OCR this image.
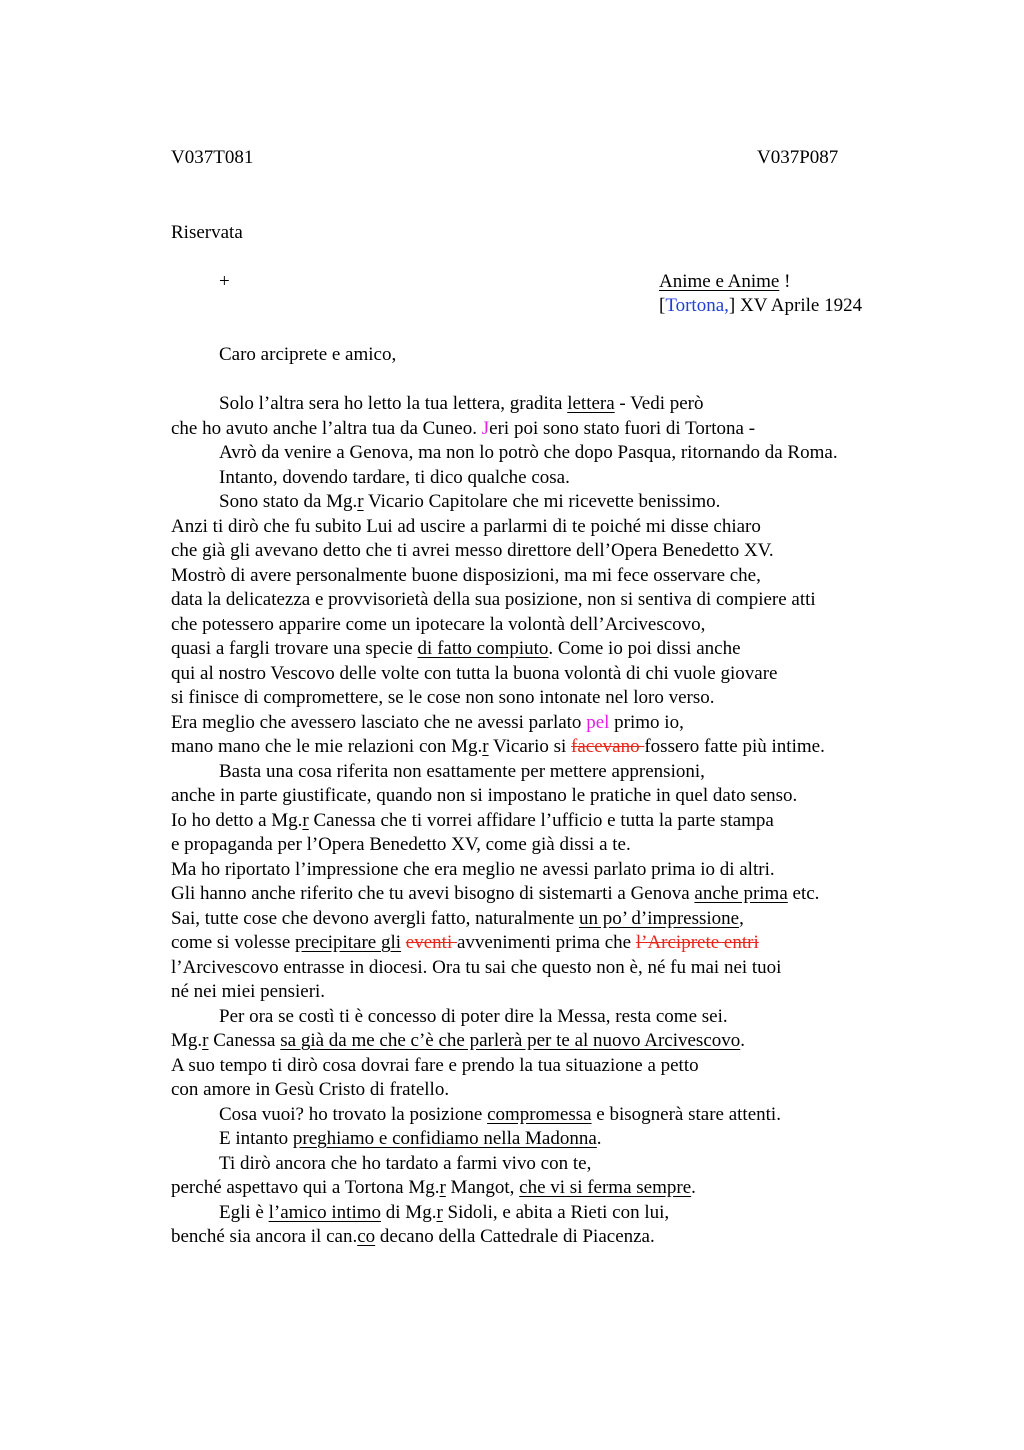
V037T081	V037P087
Riservata
+	Anime e Anime !
[Tortona,] XV Aprile 1924
Caro arciprete e amico,
Solo l’altra sera ho letto la tua lettera, gradita lettera - Vedi però
che ho avuto anche l’altra tua da Cuneo. Jeri poi sono stato fuori di Tortona -
Avrò da venire a Genova, ma non lo potrò che dopo Pasqua, ritornando da Roma.
Intanto, dovendo tardare, ti dico qualche cosa.
Sono stato da Mg.r Vicario Capitolare che mi ricevette benissimo.
Anzi ti dirò che fu subito Lui ad uscire a parlarmi di te poiché mi disse chiaro
che già gli avevano detto che ti avrei messo direttore dell’Opera Benedetto XV.
Mostrò di avere personalmente buone disposizioni, ma mi fece osservare che,
data la delicatezza e provvisorietà della sua posizione, non si sentiva di compiere atti
che potessero apparire come un ipotecare la volontà dell’Arcivescovo,
quasi a fargli trovare una specie di fatto compiuto. Come io poi dissi anche
qui al nostro Vescovo delle volte con tutta la buona volontà di chi vuole giovare
si finisce di compromettere, se le cose non sono intonate nel loro verso.
Era meglio che avessero lasciato che ne avessi parlato pel primo io,
mano mano che le mie relazioni con Mg.r Vicario si facevano fossero fatte più intime.
Basta una cosa riferita non esattamente per mettere apprensioni,
anche in parte giustificate, quando non si impostano le pratiche in quel dato senso.
Io ho detto a Mg.r Canessa che ti vorrei affidare l’ufficio e tutta la parte stampa
e propaganda per l’Opera Benedetto XV, come già dissi a te.
Ma ho riportato l’impressione che era meglio ne avessi parlato prima io di altri.
Gli hanno anche riferito che tu avevi bisogno di sistemarti a Genova anche prima etc.
Sai, tutte cose che devono avergli fatto, naturalmente un po’ d’impressione,
come si volesse precipitare gli eventi avvenimenti prima che l’Arciprete entri
l’Arcivescovo entrasse in diocesi. Ora tu sai che questo non è, né fu mai nei tuoi
né nei miei pensieri.
Per ora se costì ti è concesso di poter dire la Messa, resta come sei.
Mg.r Canessa sa già da me che c’è che parlerà per te al nuovo Arcivescovo.
A suo tempo ti dirò cosa dovrai fare e prendo la tua situazione a petto
con amore in Gesù Cristo di fratello.
Cosa vuoi? ho trovato la posizione compromessa e bisognerà stare attenti.
E intanto preghiamo e confidiamo nella Madonna.
Ti dirò ancora che ho tardato a farmi vivo con te,
perché aspettavo qui a Tortona Mg.r Mangot, che vi si ferma sempre.
Egli è l’amico intimo di Mg.r Sidoli, e abita a Rieti con lui,
benché sia ancora il can.co decano della Cattedrale di Piacenza.
